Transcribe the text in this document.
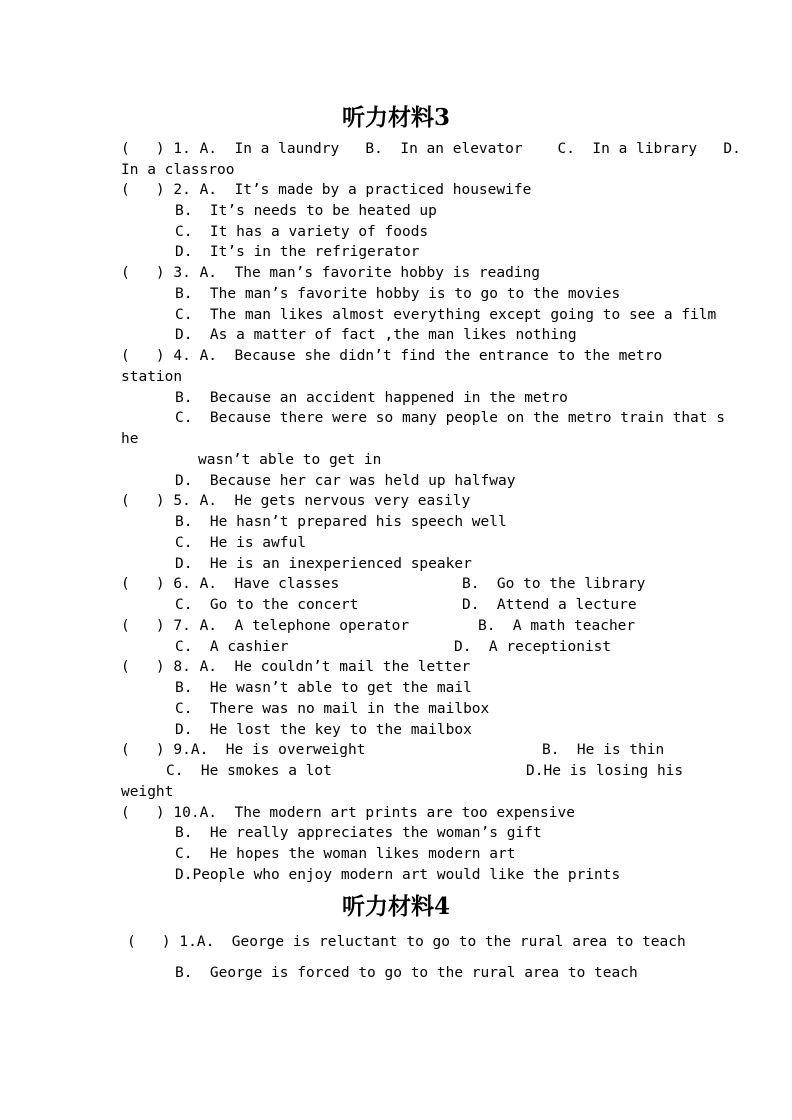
听力材料3

(   ) 1. A.  In a laundry   B.  In an elevator    C.  In a library   D.

In a classroo

(   ) 2. A.  It’s made by a practiced housewife

B.  It’s needs to be heated up

C.  It has a variety of foods

D.  It’s in the refrigerator

(   ) 3. A.  The man’s favorite hobby is reading

B.  The man’s favorite hobby is to go to the movies

C.  The man likes almost everything except going to see a film

D.  As a matter of fact ,the man likes nothing

(   ) 4. A.  Because she didn’t find the entrance to the metro

station

B.  Because an accident happened in the metro

C.  Because there were so many people on the metro train that s

he

wasn’t able to get in

D.  Because her car was held up halfway

(   ) 5. A.  He gets nervous very easily

B.  He hasn’t prepared his speech well

C.  He is awful

D.  He is an inexperienced speaker

(   ) 6. A.  Have classes	B.  Go to the library

C.  Go to the concert	D.  Attend a lecture

(   ) 7. A.  A telephone operator	B.  A math teacher

C.  A cashier	D.  A receptionist

(   ) 8. A.  He couldn’t mail the letter

B.  He wasn’t able to get the mail

C.  There was no mail in the mailbox

D.  He lost the key to the mailbox

(   ) 9.A.  He is overweight	B.  He is thin

C.  He smokes a lot	D.He is losing his

weight

(   ) 10.A.  The modern art prints are too expensive

B.  He really appreciates the woman’s gift

C.  He hopes the woman likes modern art

D.People who enjoy modern art would like the prints

听力材料4

(   ) 1.A.  George is reluctant to go to the rural area to teach

B.  George is forced to go to the rural area to teach
